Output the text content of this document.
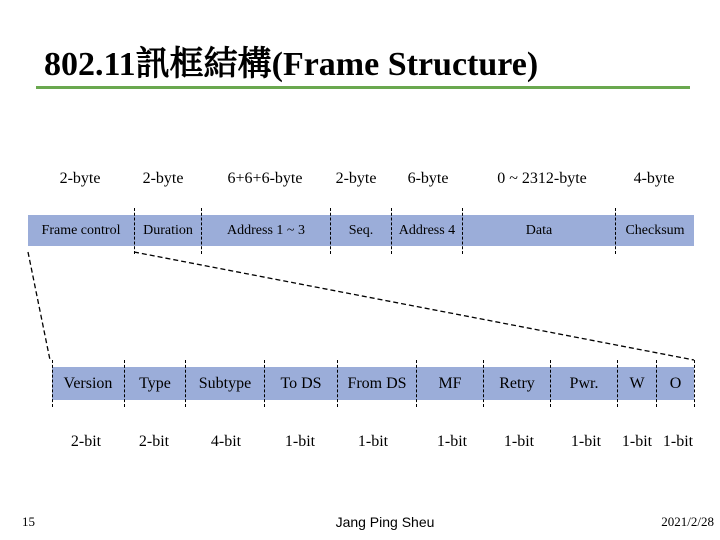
802.11訊框結構(Frame Structure)
2-byte	2-byte	6+6+6-byte	2-byte	6-byte	0 ~ 2312-byte	4-byte
Frame control	Duration	Address 1 ~ 3	Seq.	Address 4	Data	Checksum
Version	Type	Subtype	To DS	From DS	MF	Retry	Pwr.	W	O
2-bit	2-bit	4-bit	1-bit	1-bit	1-bit	1-bit	1-bit	1-bit 1-bit
15	Jang Ping Sheu	2021/2/28
